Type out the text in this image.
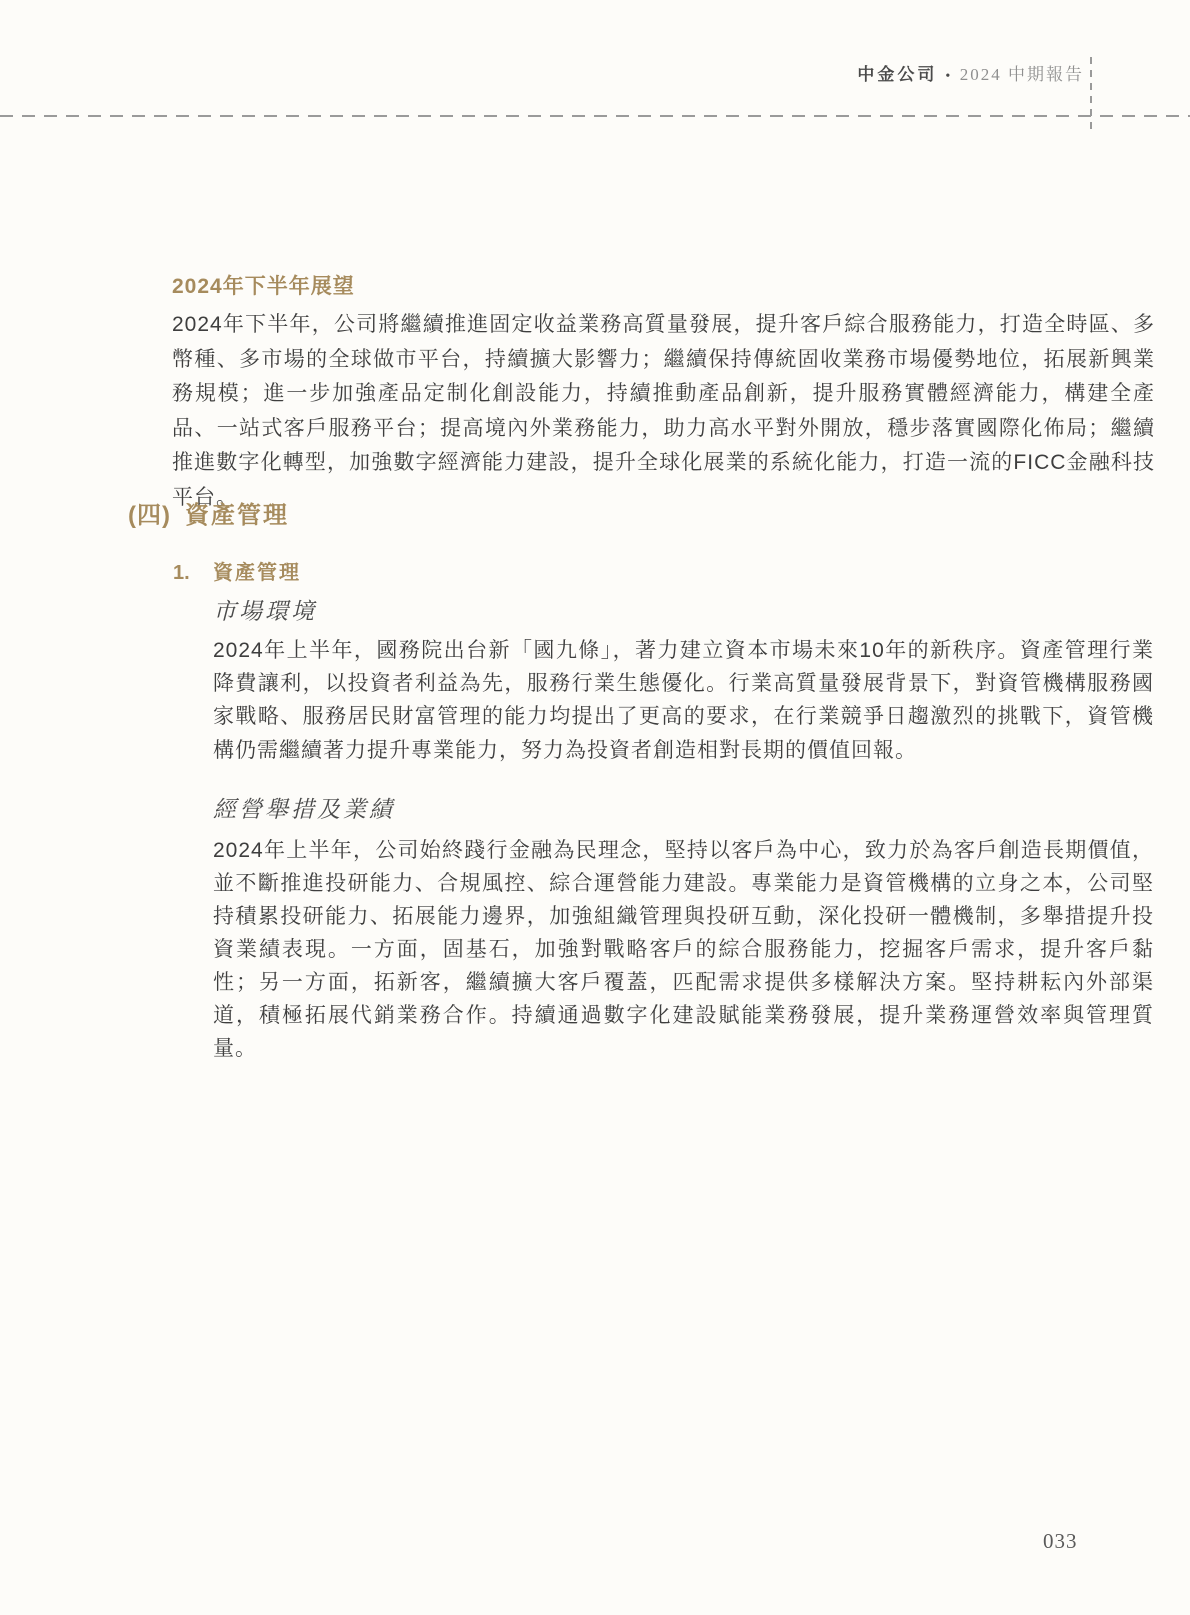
中金公司 • 2024 中期報告
2024年下半年展望
2024年下半年，公司將繼續推進固定收益業務高質量發展，提升客戶綜合服務能力，打造全時區、多幣種、多市場的全球做市平台，持續擴大影響力；繼續保持傳統固收業務市場優勢地位，拓展新興業務規模；進一步加強產品定制化創設能力，持續推動產品創新，提升服務實體經濟能力，構建全產品、一站式客戶服務平台；提高境內外業務能力，助力高水平對外開放，穩步落實國際化佈局；繼續推進數字化轉型，加強數字經濟能力建設，提升全球化展業的系統化能力，打造一流的FICC金融科技平台。
(四) 資產管理
1. 資產管理
市場環境
2024年上半年，國務院出台新「國九條」，著力建立資本市場未來10年的新秩序。資產管理行業降費讓利，以投資者利益為先，服務行業生態優化。行業高質量發展背景下，對資管機構服務國家戰略、服務居民財富管理的能力均提出了更高的要求，在行業競爭日趨激烈的挑戰下，資管機構仍需繼續著力提升專業能力，努力為投資者創造相對長期的價值回報。
經營舉措及業績
2024年上半年，公司始終踐行金融為民理念，堅持以客戶為中心，致力於為客戶創造長期價值，並不斷推進投研能力、合規風控、綜合運營能力建設。專業能力是資管機構的立身之本，公司堅持積累投研能力、拓展能力邊界，加強組織管理與投研互動，深化投研一體機制，多舉措提升投資業績表現。一方面，固基石，加強對戰略客戶的綜合服務能力，挖掘客戶需求，提升客戶黏性；另一方面，拓新客，繼續擴大客戶覆蓋，匹配需求提供多樣解決方案。堅持耕耘內外部渠道，積極拓展代銷業務合作。持續通過數字化建設賦能業務發展，提升業務運營效率與管理質量。
033
